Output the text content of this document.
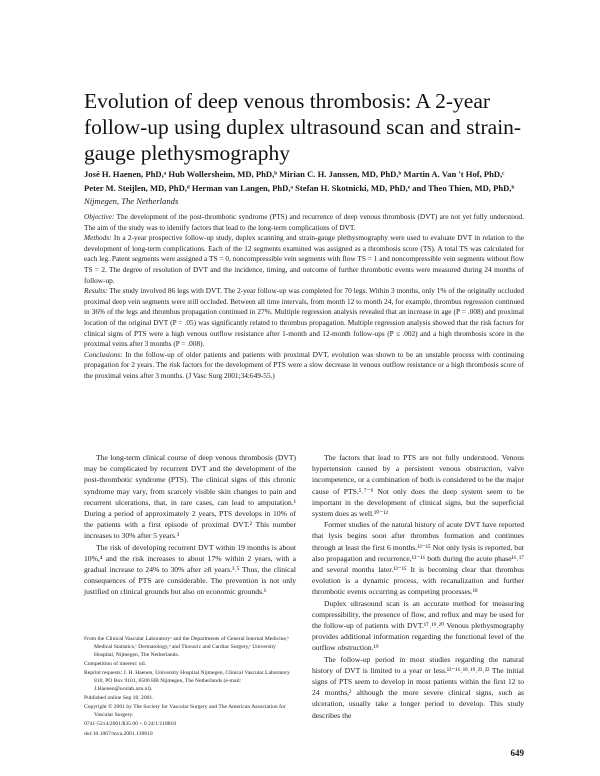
Evolution of deep venous thrombosis: A 2-year follow-up using duplex ultrasound scan and strain-gauge plethysmography

José H. Haenen, PhD,ᵃ Hub Wollersheim, MD, PhD,ᵇ Mirian C. H. Janssen, MD, PhD,ᵇ Martin A. Van 't Hof, PhD,ᶜ Peter M. Steijlen, MD, PhD,ᵈ Herman van Langen, PhD,ᵃ Stefan H. Skotnicki, MD, PhD,ᵉ and Theo Thien, MD, PhD,ᵇ Nijmegen, The Netherlands

Objective: The development of the post-thrombotic syndrome (PTS) and recurrence of deep venous thrombosis (DVT) are not yet fully understood. The aim of the study was to identify factors that lead to the long-term complications of DVT.

Methods: In a 2-year prospective follow-up study, duplex scanning and strain-gauge plethysmography were used to evaluate DVT in relation to the development of long-term complications. Each of the 12 segments examined was assigned as a thrombosis score (TS). A total TS was calculated for each leg. Patent segments were assigned a TS = 0, noncompressible vein segments with flow TS = 1 and noncompressible vein segments without flow TS = 2. The degree of resolution of DVT and the incidence, timing, and outcome of further thrombotic events were measured during 24 months of follow-up.

Results: The study involved 86 legs with DVT. The 2-year follow-up was completed for 70 legs. Within 3 months, only 1% of the originally occluded proximal deep vein segments were still occluded. Between all time intervals, from month 12 to month 24, for example, thrombus regression continued in 36% of the legs and thrombus propagation continued in 27%. Multiple regression analysis revealed that an increase in age (P = .008) and proximal location of the original DVT (P = .05) was significantly related to thrombus propagation. Multiple regression analysis showed that the risk factors for clinical signs of PTS were a high venous outflow resistance after 1-month and 12-month follow-ups (P ≤ .002) and a high thrombosis score in the proximal veins after 3 months (P = .008).

Conclusions: In the follow-up of older patients and patients with proximal DVT, evolution was shown to be an unstable process with continuing propagation for 2 years. The risk factors for the development of PTS were a slow decrease in venous outflow resistance or a high thrombosis score of the proximal veins after 3 months. (J Vasc Surg 2001;34:649-55.)

The long-term clinical course of deep venous thrombosis (DVT) may be complicated by recurrent DVT and the development of the post-thrombotic syndrome (PTS). The clinical signs of this chronic syndrome may vary, from scarcely visible skin changes to pain and recurrent ulcerations, that, in rare cases, can lead to amputation.¹ During a period of approximately 2 years, PTS develops in 10% of the patients with a first episode of proximal DVT.² This number increases to 30% after 5 years.³

The risk of developing recurrent DVT within 19 months is about 10%,⁴ and the risk increases to about 17% within 2 years, with a gradual increase to 24% to 30% after ≥8 years.³˒⁵ Thus, the clinical consequences of PTS are considerable. The prevention is not only justified on clinical grounds but also on economic grounds.⁶

From the Clinical Vascular Laboratoryᵃ and the Departments of General Internal Medicine,ᵇ Medical Statistics,ᶜ Dermatology,ᵈ and Thoracic and Cardiac Surgery,ᵉ University Hospital, Nijmegen, The Netherlands.

Competition of interest: nil.

Reprint requests: J. H. Haenen, University Hospital Nijmegen, Clinical Vascular Laboratory 810, PO Box 9101, 6500 HB Nijmegen, The Netherlands (e-mail: J.Haenen@ocslab.azn.nl).

Published online Sep 18, 2001.

Copyright © 2001 by The Society for Vascular Surgery and The American Association for Vascular Surgery.

0741-5214/2001/$35.00 + 0 24/1/118810

doi:10.1067/mva.2001.118810

The factors that lead to PTS are not fully understood. Venous hypertension caused by a persistent venous obstruction, valve incompetence, or a combination of both is considered to be the major cause of PTS.⁵˒⁷⁻⁹ Not only does the deep system seem to be important in the development of clinical signs, but the superficial system does as well.¹⁰⁻¹²

Former studies of the natural history of acute DVT have reported that lysis begins soon after thrombus formation and continues through at least the first 6 months.¹³⁻¹⁵ Not only lysis is reported, but also propagation and recurrence,¹³⁻¹⁶ both during the acute phase¹⁶˒¹⁷ and several months later.¹³⁻¹⁵ It is becoming clear that thrombus evolution is a dynamic process, with recanalization and further thrombotic events occurring as competing processes.¹⁸

Duplex ultrasound scan is an accurate method for measuring compressibility, the presence of flow, and reflux and may be used for the follow-up of patients with DVT.¹⁷˒¹⁹˒²⁰ Venous plethysmography provides additional information regarding the functional level of the outflow obstruction.¹⁹

The follow-up period in most studies regarding the natural history of DVT is limited to a year or less.¹³⁻¹⁶˒¹⁸˒¹⁹˒²¹˒²² The initial signs of PTS seem to develop in most patients within the first 12 to 24 months,² although the more severe clinical signs, such as ulceration, usually take a longer period to develop. This study describes the

649
